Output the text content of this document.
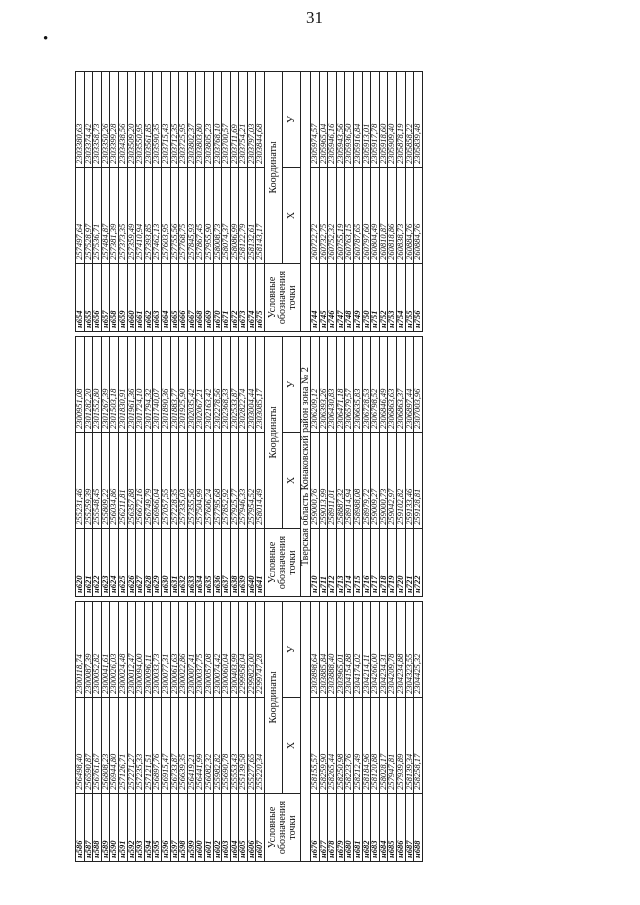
31
•
н586	256498,40	2300118,74
н587	256590,87	2300087,39
н588	256761,67	2300052,82
н589	256808,23	2300041,61
н590	256944,80	2300026,03
н591	257126,71	2300024,48
н592	257271,27	2300012,47
н593	257235,33	2300094,00
н594	257121,51	2300096,11
н595	256897,76	2300033,73
н596	256915,47	2300077,31
н597	256733,87	2300061,63
н598	256639,35	2300022,86
н599	256419,21	2300007,41
н600	256441,99	2300037,75
н601	256082,32	2300057,08
н602	255982,82	2300074,42
н603	255690,78	2300060,04
н604	255553,43	2300403,99
н605	255139,58	2299958,04
н606	255277,65	2299823,00
н607	255220,34	2299747,28
Условные обозначения точки	Координаты	
	X	У

н676	258155,57	2303898,64
н677	258259,90	2303885,84
н678	258265,44	2303888,40
н679	258250,98	2303965,01
н680	258223,76	2304154,88
н681	258212,49	2304174,02
н682	258184,96	2304214,11
н683	258120,88	2304266,00
н684	258028,17	2304234,31
н685	257947,81	2304209,78
н686	257939,89	2304234,88
н687	258139,34	2304323,55
н688	258258,17	2304425,32
н620	255231,46	2300951,08
н621	255259,39	2301282,20
н622	255548,45	2301552,80
н623	255809,22	2301267,39
н624	256034,86	2301503,18
н625	256211,81	2301830,91
н626	256357,88	2301961,36
н627	256672,16	2301724,10
н628	256749,79	2301794,32
н629	256966,04	2301740,07
н630	257057,55	2301890,36
н631	257228,35	2301883,77
н632	257335,03	2301925,90
н633	257355,56	2302035,42
н634	257504,99	2302067,21
н635	257606,24	2302163,42
н636	257795,68	2302278,56
н637	257852,92	2302368,33
н638	257925,77	2302533,87
н639	257946,33	2302822,74
н640	257954,52	2303004,44
н641	258014,49	2303085,17
Условные обозначения точки	Координаты	
	X	У
Тверская область Конаковский район зона № 2		
н710	259000,76	2306209,12
н711	259013,99	2306393,26
н712	258911,01	2306430,83
н713	258887,32	2306471,18
н714	258914,94	2306579,57
н715	258988,08	2306635,83
н716	258979,72	2306728,53
н717	259009,27	2306798,52
н718	259000,73	2306846,49
н719	259042,97	2306863,63
н720	259102,82	2306863,37
н721	259133,46	2306897,44
н722	259128,81	2307003,96
н654	257497,64	2303380,63
н655	257528,97	2303374,42
н656	257536,71	2303358,73
н657	257484,87	2303350,26
н658	257381,39	2303399,28
н659	257373,35	2303438,56
н660	257359,49	2303509,20
н661	257410,94	2303550,95
н662	257393,85	2303561,85
н663	257462,13	2303590,35
н664	257603,95	2303715,43
н665	257755,56	2303712,35
н666	257768,75	2303725,95
н667	257845,93	2303802,37
н668	257867,45	2303803,80
н669	257955,90	2303805,23
н670	258008,73	2303768,10
н671	258074,37	2303700,57
н672	258086,99	2303711,69
н673	258122,79	2303754,21
н674	258132,61	2303797,03
н675	258143,17	2303844,68
Условные обозначения точки	Координаты	
	X	У

н744	260722,72	2305974,57
н745	260732,75	2305965,04
н746	260752,32	2305946,16
н747	260755,19	2305943,56
н748	260763,15	2305936,50
н749	260787,65	2305916,84
н750	260797,60	2305913,01
н751	260804,49	2305917,78
н752	260810,87	2305918,60
н753	260818,86	2305909,40
н754	260838,73	2305878,19
н755	260884,76	2305858,22
н756	260884,76	2305839,48
